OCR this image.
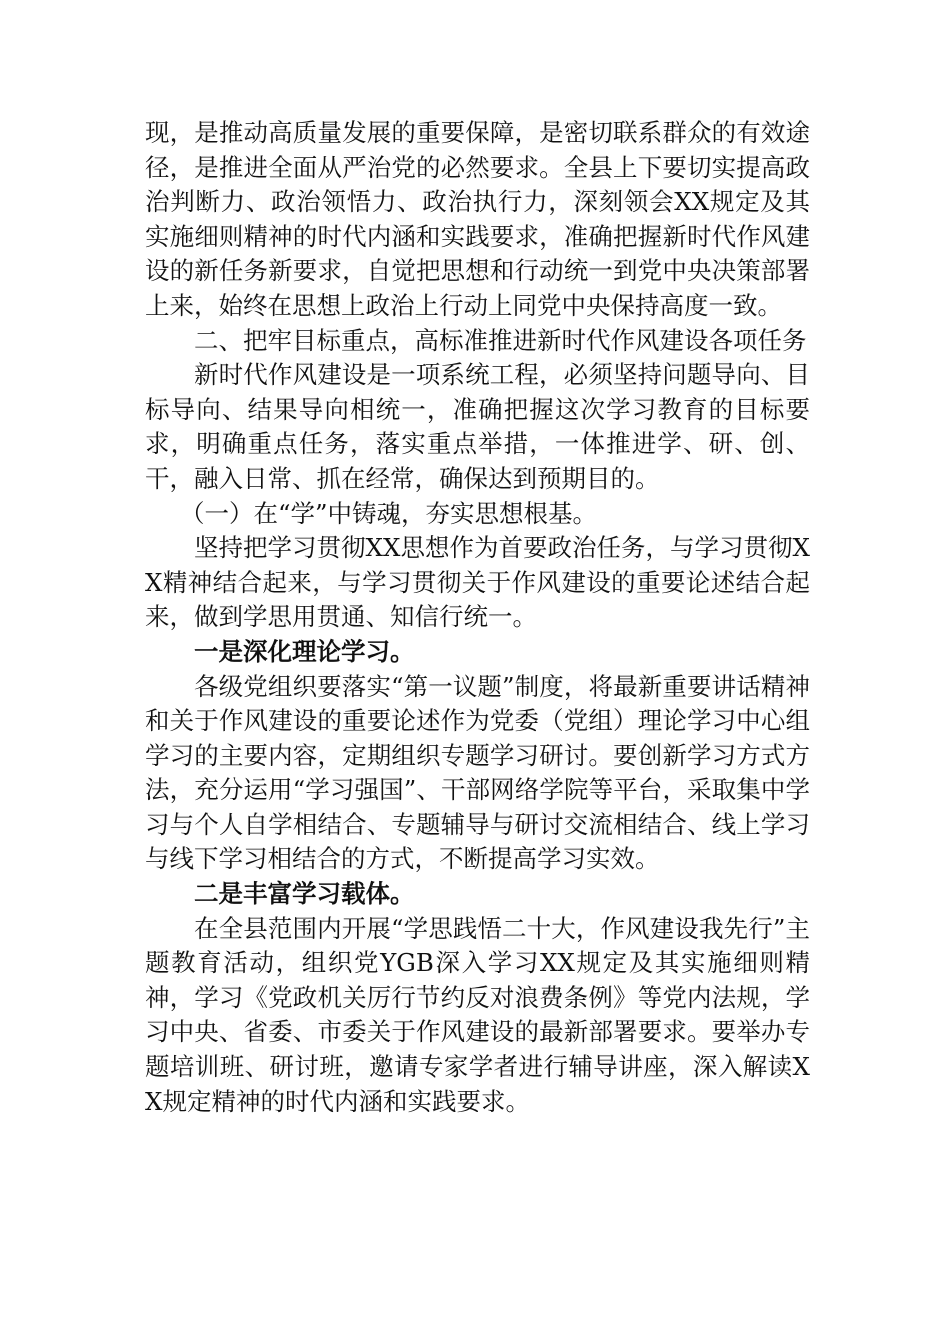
现，是推动高质量发展的重要保障，是密切联系群众的有效途径，是推进全面从严治党的必然要求。全县上下要切实提高政治判断力、政治领悟力、政治执行力，深刻领会XX规定及其实施细则精神的时代内涵和实践要求，准确把握新时代作风建设的新任务新要求，自觉把思想和行动统一到党中央决策部署上来，始终在思想上政治上行动上同党中央保持高度一致。

二、把牢目标重点，高标准推进新时代作风建设各项任务

新时代作风建设是一项系统工程，必须坚持问题导向、目标导向、结果导向相统一，准确把握这次学习教育的目标要求，明确重点任务，落实重点举措，一体推进学、研、创、干，融入日常、抓在经常，确保达到预期目的。

（一）在“学”中铸魂，夯实思想根基。

坚持把学习贯彻XX思想作为首要政治任务，与学习贯彻XX精神结合起来，与学习贯彻关于作风建设的重要论述结合起来，做到学思用贯通、知信行统一。

一是深化理论学习。

各级党组织要落实“第一议题”制度，将最新重要讲话精神和关于作风建设的重要论述作为党委（党组）理论学习中心组学习的主要内容，定期组织专题学习研讨。要创新学习方式方法，充分运用“学习强国”、干部网络学院等平台，采取集中学习与个人自学相结合、专题辅导与研讨交流相结合、线上学习与线下学习相结合的方式，不断提高学习实效。

二是丰富学习载体。

在全县范围内开展“学思践悟二十大，作风建设我先行”主题教育活动，组织党YGB深入学习XX规定及其实施细则精神，学习《党政机关厉行节约反对浪费条例》等党内法规，学习中央、省委、市委关于作风建设的最新部署要求。要举办专题培训班、研讨班，邀请专家学者进行辅导讲座，深入解读XX规定精神的时代内涵和实践要求。
